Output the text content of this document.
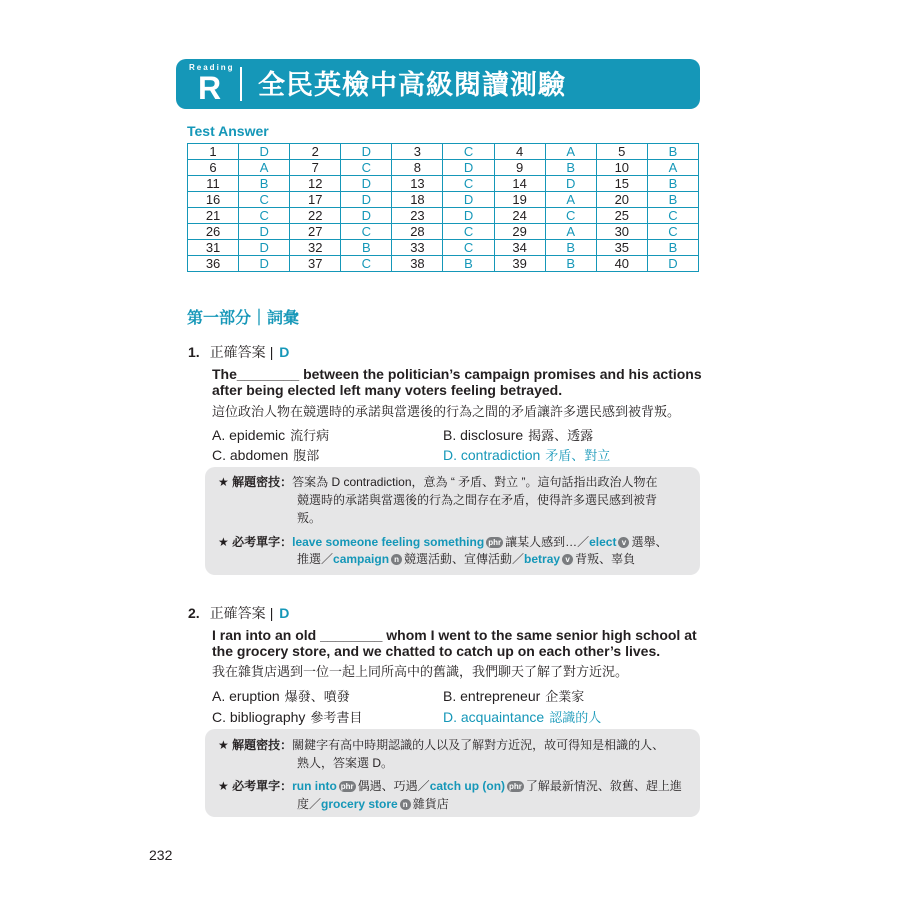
Reading
R 全民英檢中高級閱讀測驗
Test Answer
1	D	2	D	3	C	4	A	5	B
6	A	7	C	8	D	9	B	10	A
11	B	12	D	13	C	14	D	15	B
16	C	17	D	18	D	19	A	20	B
21	C	22	D	23	D	24	C	25	C
26	D	27	C	28	C	29	A	30	C
31	D	32	B	33	C	34	B	35	B
36	D	37	C	38	B	39	B	40	D
第一部分｜詞彙
1. 正確答案 | D
The________ between the politician’s campaign promises and his actions after being elected left many voters feeling betrayed.
這位政治人物在競選時的承諾與當選後的行為之間的矛盾讓許多選民感到被背叛。
A. epidemic 流行病	B. disclosure 揭露、透露
C. abdomen 腹部	D. contradiction 矛盾、對立
★ 解題密技：答案為 D contradiction，意為 “ 矛盾、對立 ”。這句話指出政治人物在
競選時的承諾與當選後的行為之間存在矛盾，使得許多選民感到被背
叛。
★ 必考單字：leave someone feeling something phr 讓某人感到…／elect v 選舉、
推選／campaign n 競選活動、宣傳活動／betray v 背叛、辜負
2. 正確答案 | D
I ran into an old ________ whom I went to the same senior high school at the grocery store, and we chatted to catch up on each other’s lives.
我在雜貨店遇到一位一起上同所高中的舊識，我們聊天了解了對方近況。
A. eruption 爆發、噴發	B. entrepreneur 企業家
C. bibliography 參考書目	D. acquaintance 認識的人
★ 解題密技：關鍵字有高中時期認識的人以及了解對方近況，故可得知是相識的人、
熟人，答案選 D。
★ 必考單字：run into phr 偶遇、巧遇／catch up (on) phr 了解最新情況、敘舊、趕上進
度／grocery store n 雜貨店
232
